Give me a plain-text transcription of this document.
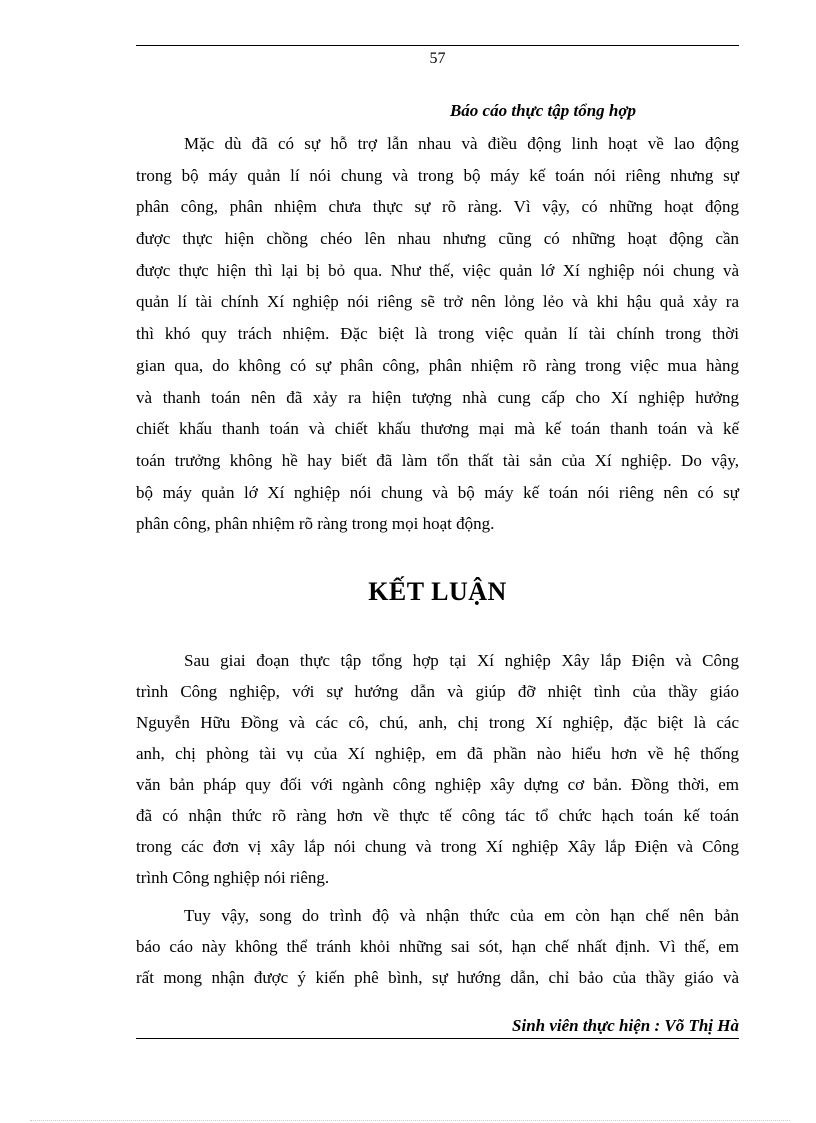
57
Báo cáo thực tập tổng hợp
Mặc dù đã có sự hỗ trợ lẫn nhau và điều động linh hoạt về lao động
trong bộ máy quản lí nói chung và trong bộ máy kế toán nói riêng nhưng sự
phân công, phân nhiệm chưa thực sự rõ ràng. Vì vậy, có những hoạt động
được thực hiện chồng chéo lên nhau nhưng cũng có những hoạt động cần
được thực hiện thì lại bị bỏ qua. Như thế, việc quản lớ Xí nghiệp nói chung và
quản lí tài chính Xí nghiệp nói riêng sẽ trở nên lỏng lẻo và khi hậu quả xảy ra
thì khó quy trách nhiệm. Đặc biệt là trong việc quản lí tài chính trong thời
gian qua, do không có sự phân công, phân nhiệm rõ ràng trong việc mua hàng
và thanh toán nên đã xảy ra hiện tượng nhà cung cấp cho Xí nghiệp hưởng
chiết khấu thanh toán và chiết khấu thương mại mà kế toán thanh toán và kế
toán trưởng không hề hay biết đã làm tổn thất tài sản của Xí nghiệp. Do vậy,
bộ máy quản lớ Xí nghiệp nói chung và bộ máy kế toán nói riêng nên có sự
phân công, phân nhiệm rõ ràng trong mọi hoạt động.
KẾT LUẬN
Sau giai đoạn thực tập tổng hợp tại Xí nghiệp Xây lắp Điện và Công
trình Công nghiệp, với sự hướng dẫn và giúp đỡ nhiệt tình của thầy giáo
Nguyễn Hữu Đồng và các cô, chú, anh, chị trong Xí nghiệp, đặc biệt là các
anh, chị phòng tài vụ của Xí nghiệp, em đã phần nào hiểu hơn về hệ thống
văn bản pháp quy đối với ngành công nghiệp xây dựng cơ bản. Đồng thời, em
đã có nhận thức rõ ràng hơn về thực tế công tác tổ chức hạch toán kế toán
trong các đơn vị xây lắp nói chung và trong Xí nghiệp Xây lắp Điện và Công
trình Công nghiệp nói riêng.
Tuy vậy, song do trình độ và nhận thức của em còn hạn chế nên bản
báo cáo này không thể tránh khỏi những sai sót, hạn chế nhất định. Vì thế, em
rất mong nhận được ý kiến phê bình, sự hướng dẫn, chỉ bảo của thầy giáo và
Sinh viên thực hiện : Võ Thị Hà
